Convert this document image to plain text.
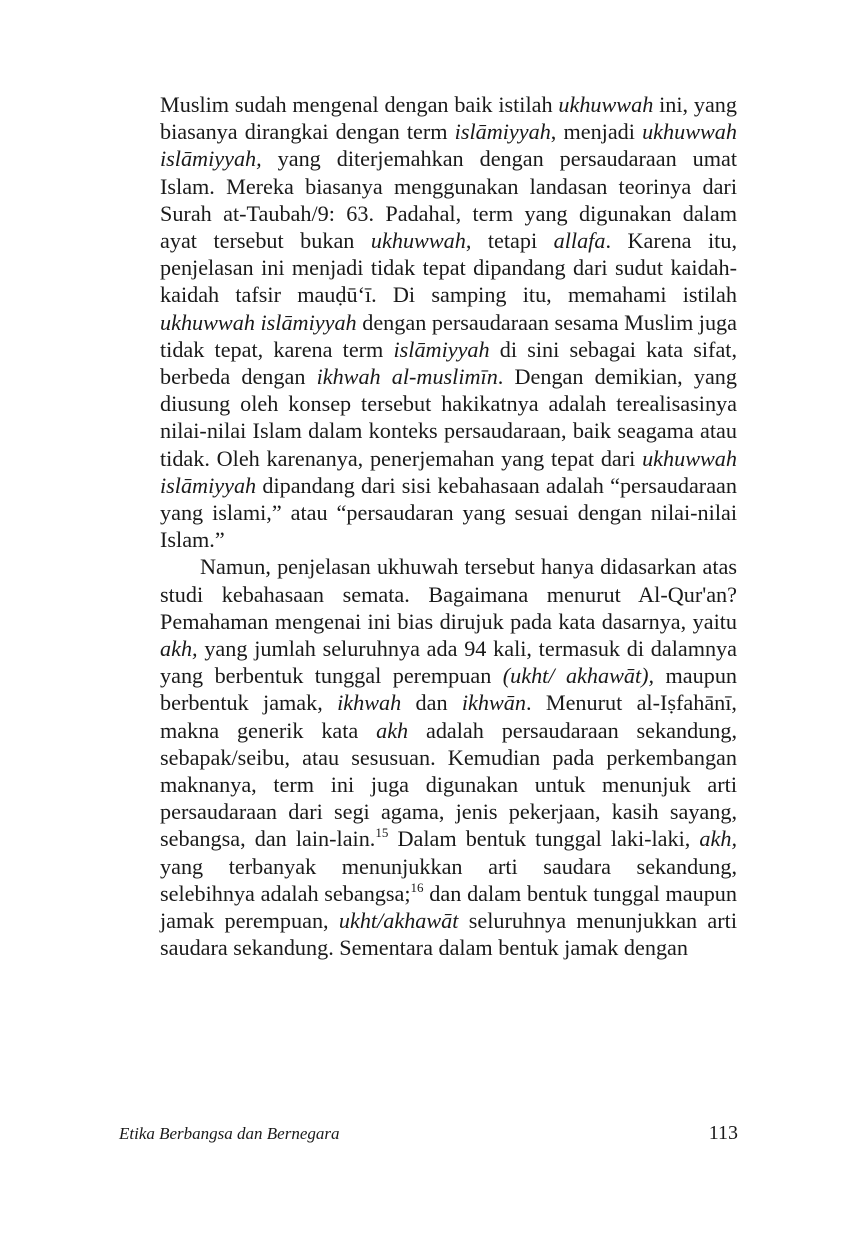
Muslim sudah mengenal dengan baik istilah ukhuwwah ini, yang biasanya dirangkai dengan term islāmiyyah, menjadi ukhuwwah islāmiyyah, yang diterjemahkan dengan persaudaraan umat Islam. Mereka biasanya menggunakan landasan teorinya dari Surah at-Taubah/9: 63. Padahal, term yang digunakan dalam ayat tersebut bukan ukhuwwah, tetapi allafa. Karena itu, penjelasan ini menjadi tidak tepat dipandang dari sudut kaidah-kaidah tafsir mauḍū‘ī. Di samping itu, memahami istilah ukhuwwah islāmiyyah dengan persaudaraan sesama Muslim juga tidak tepat, karena term islāmiyyah di sini sebagai kata sifat, berbeda dengan ikhwah al-muslimīn. Dengan demikian, yang diusung oleh konsep tersebut hakikatnya adalah terealisasinya nilai-nilai Islam dalam konteks persaudaraan, baik seagama atau tidak. Oleh karenanya, penerjemahan yang tepat dari ukhuwwah islāmiyyah dipandang dari sisi kebahasaan adalah “persaudaraan yang islami,” atau “persaudaran yang sesuai dengan nilai-nilai Islam.”

Namun, penjelasan ukhuwah tersebut hanya didasarkan atas studi kebahasaan semata. Bagaimana menurut Al-Qur'an? Pemahaman mengenai ini bias dirujuk pada kata dasarnya, yaitu akh, yang jumlah seluruhnya ada 94 kali, termasuk di dalamnya yang berbentuk tunggal perempuan (ukht/ akhawāt), maupun berbentuk jamak, ikhwah dan ikhwān. Menurut al-Iṣfahānī, makna generik kata akh adalah persaudaraan sekandung, sebapak/seibu, atau sesusuan. Kemudian pada perkembangan maknanya, term ini juga digunakan untuk menunjuk arti persaudaraan dari segi agama, jenis pekerjaan, kasih sayang, sebangsa, dan lain-lain.$^{15}$ Dalam bentuk tunggal laki-laki, akh, yang terbanyak menunjukkan arti saudara sekandung, selebihnya adalah sebangsa;$^{16}$ dan dalam bentuk tunggal maupun jamak perempuan, ukht/akhawāt seluruhnya menunjukkan arti saudara sekandung. Sementara dalam bentuk jamak dengan

Etika Berbangsa dan Bernegara	113
